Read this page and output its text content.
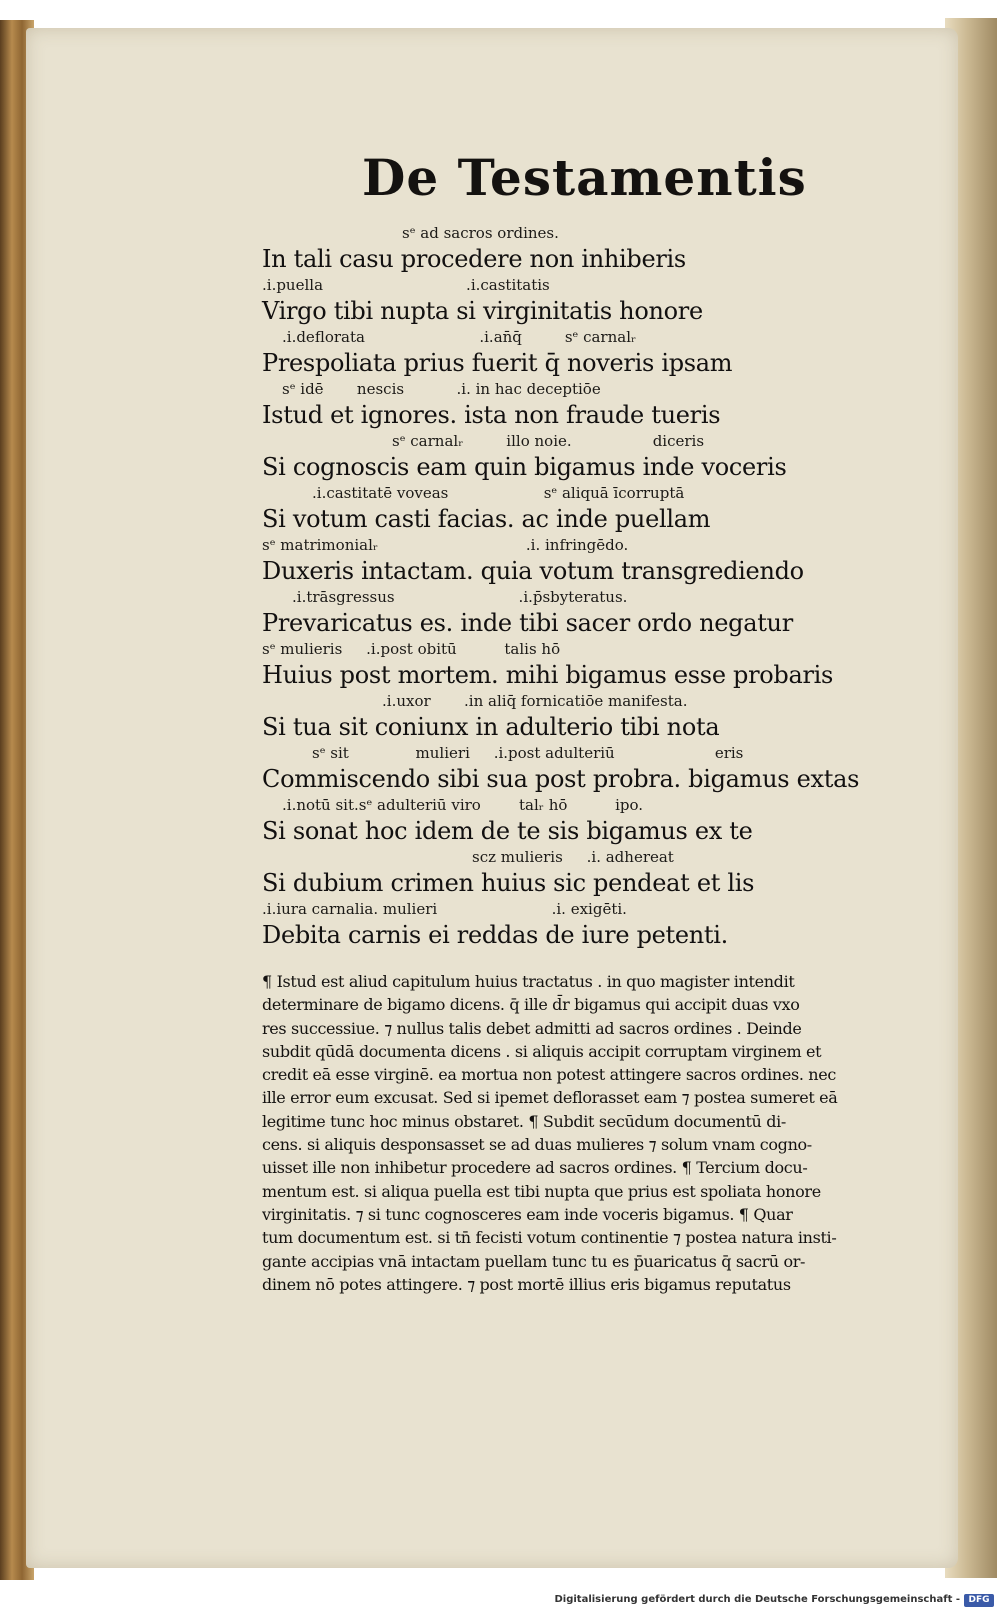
De Testamentis
sᵉ ad sacros ordines.
In tali casu procedere non inhiberis
.i.puella                              .i.castitatis
Virgo tibi nupta si virginitatis honore
.i.deflorata                        .i.an̄q̄         sᵉ carnalᵣ
Prespoliata prius fuerit q̄ noveris ipsam
sᵉ idē       nescis           .i. in hac deceptiōe
Istud et ignores. ista non fraude tueris
sᵉ carnalᵣ         illo noie.                 diceris
Si cognoscis eam quin bigamus inde voceris
.i.castitatē voveas                    sᵉ aliquā īcorruptā
Si votum casti facias. ac inde puellam
sᵉ matrimonialᵣ                               .i. infringēdo.
Duxeris intactam. quia votum transgrediendo
.i.trāsgressus                          .i.p̄sbyteratus.
Prevaricatus es. inde tibi sacer ordo negatur
sᵉ mulieris     .i.post obitū          talis hō
Huius post mortem. mihi bigamus esse probaris
.i.uxor       .in aliq̄ fornicatiōe manifesta.
Si tua sit coniunx in adulterio tibi nota
sᵉ sit              mulieri     .i.post adulteriū                     eris
Commiscendo sibi sua post probra. bigamus extas
.i.notū sit.sᵉ adulteriū viro        talᵣ hō          ipo.
Si sonat hoc idem de te sis bigamus ex te
scz mulieris     .i. adhereat
Si dubium crimen huius sic pendeat et lis
.i.iura carnalia. mulieri                        .i. exigēti.
Debita carnis ei reddas de iure petenti.
¶ Istud est aliud capitulum huius tractatus . in quo magister intendit
determinare de bigamo dicens. q̄ ille d̄r bigamus qui accipit duas vxo
res successiue. ⁊ nullus talis debet admitti ad sacros ordines . Deinde
subdit qūdā documenta dicens . si aliquis accipit corruptam virginem et
credit eā esse virginē. ea mortua non potest attingere sacros ordines. nec
ille error eum excusat. Sed si ipemet deflorasset eam ⁊ postea sumeret eā
legitime tunc hoc minus obstaret. ¶ Subdit secūdum documentū di-
cens. si aliquis desponsasset se ad duas mulieres ⁊ solum vnam cogno-
uisset ille non inhibetur procedere ad sacros ordines. ¶ Tercium docu-
mentum est. si aliqua puella est tibi nupta que prius est spoliata honore
virginitatis. ⁊ si tunc cognosceres eam inde voceris bigamus. ¶ Quar
tum documentum est. si tn̄ fecisti votum continentie ⁊ postea natura insti-
gante accipias vnā intactam puellam tunc tu es p̄uaricatus q̄ sacrū or-
dinem nō potes attingere. ⁊ post mortē illius eris bigamus reputatus
Digitalisierung gefördert durch die Deutsche Forschungsgemeinschaft - DFG
